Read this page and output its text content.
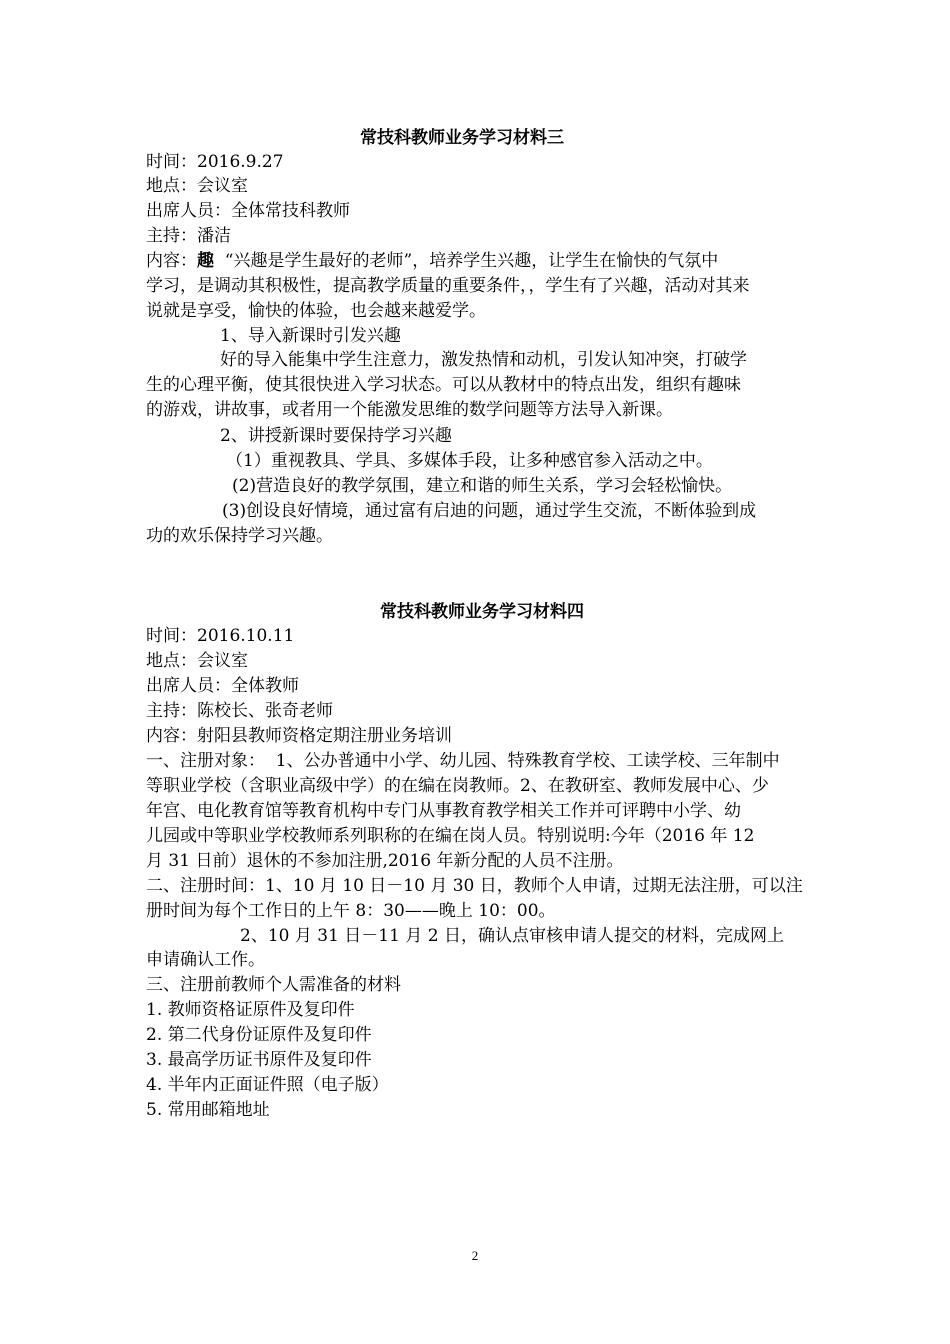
常技科教师业务学习材料三
时间：2016.9.27
地点：会议室
出席人员：全体常技科教师
主持：潘洁
内容：趣  “兴趣是学生最好的老师”，培养学生兴趣，让学生在愉快的气氛中
学习，是调动其积极性，提高教学质量的重要条件，，学生有了兴趣，活动对其来
说就是享受，愉快的体验，也会越来越爱学。
1、导入新课时引发兴趣
好的导入能集中学生注意力，激发热情和动机，引发认知冲突，打破学
生的心理平衡，使其很快进入学习状态。可以从教材中的特点出发，组织有趣味
的游戏，讲故事，或者用一个能激发思维的数学问题等方法导入新课。
2、讲授新课时要保持学习兴趣
（1）重视教具、学具、多媒体手段，让多种感官参入活动之中。
(2)营造良好的教学氛围，建立和谐的师生关系，学习会轻松愉快。
(3)创设良好情境，通过富有启迪的问题，通过学生交流，不断体验到成
功的欢乐保持学习兴趣。
常技科教师业务学习材料四
时间：2016.10.11
地点：会议室
出席人员：全体教师
主持：陈校长、张奇老师
内容：射阳县教师资格定期注册业务培训
一、注册对象：  1、公办普通中小学、幼儿园、特殊教育学校、工读学校、三年制中
等职业学校（含职业高级中学）的在编在岗教师。2、在教研室、教师发展中心、少
年宫、电化教育馆等教育机构中专门从事教育教学相关工作并可评聘中小学、幼
儿园或中等职业学校教师系列职称的在编在岗人员。特别说明:今年（2016 年 12
月 31 日前）退休的不参加注册,2016 年新分配的人员不注册。
二、注册时间：1、10 月 10 日－10 月 30 日，教师个人申请，过期无法注册，可以注
册时间为每个工作日的上午 8：30——晚上 10：00。
2、10 月 31 日－11 月 2 日，确认点审核申请人提交的材料，完成网上
申请确认工作。
三、注册前教师个人需准备的材料
1. 教师资格证原件及复印件
2. 第二代身份证原件及复印件
3. 最高学历证书原件及复印件
4. 半年内正面证件照（电子版）
5. 常用邮箱地址
2
